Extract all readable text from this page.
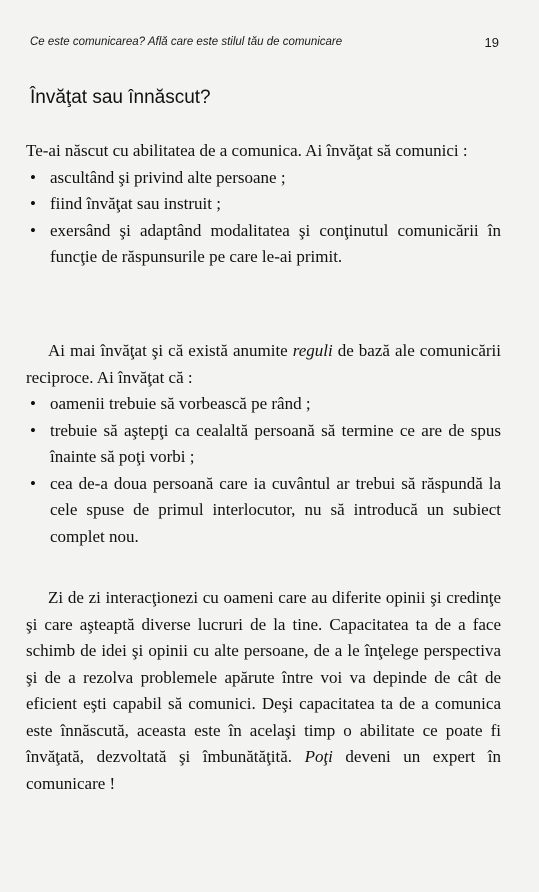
Ce este comunicarea? Află care este stilul tău de comunicare	19
Învăţat sau înnăscut?
Te-ai născut cu abilitatea de a comunica. Ai învăţat să comunici :
• ascultând şi privind alte persoane ;
• fiind învăţat sau instruit ;
• exersând şi adaptând modalitatea şi conţinutul comunicării în funcţie de răspunsurile pe care le-ai primit.
Ai mai învăţat şi că există anumite reguli de bază ale comunicării reciproce. Ai învăţat că :
• oamenii trebuie să vorbească pe rând ;
• trebuie să aştepţi ca cealaltă persoană să termine ce are de spus înainte să poţi vorbi ;
• cea de-a doua persoană care ia cuvântul ar trebui să răspundă la cele spuse de primul interlocutor, nu să introducă un subiect complet nou.
Zi de zi interacţionezi cu oameni care au diferite opinii şi credinţe şi care aşteaptă diverse lucruri de la tine. Capacitatea ta de a face schimb de idei şi opinii cu alte persoane, de a le înţelege perspectiva şi de a rezolva problemele apărute între voi va depinde de cât de eficient eşti capabil să comunici. Deşi capacitatea ta de a comunica este înnăscută, aceasta este în acelaşi timp o abilitate ce poate fi învăţată, dezvoltată şi îmbunătăţită. Poţi deveni un expert în comunicare !
